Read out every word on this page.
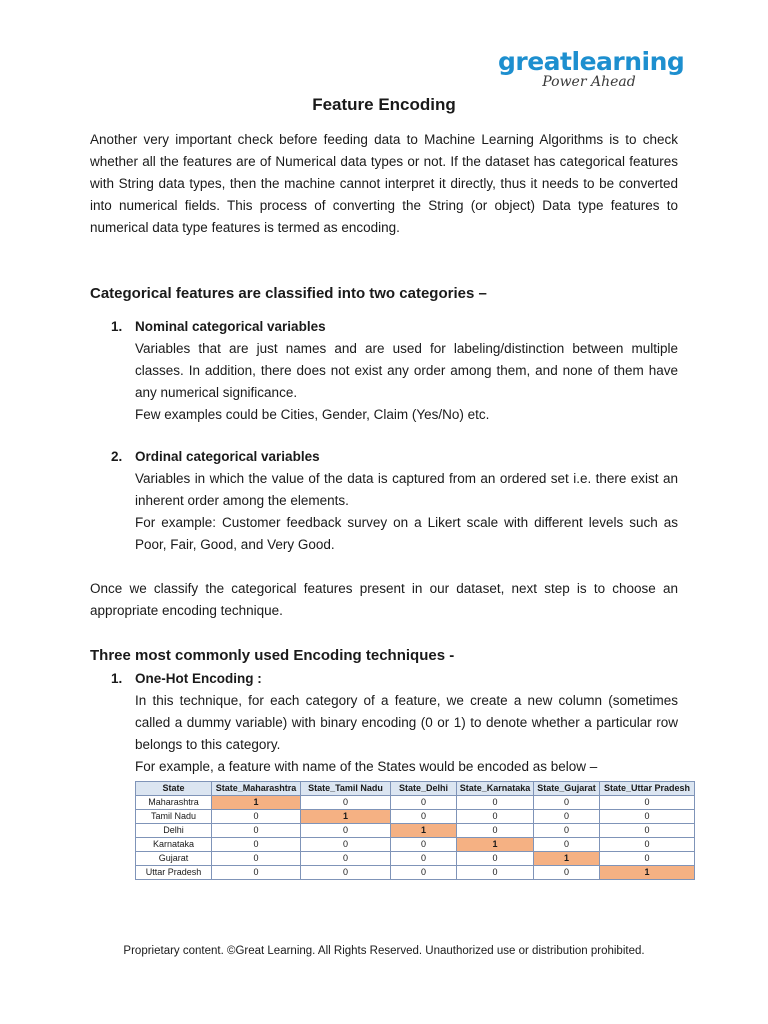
greatlearning
Power Ahead
Feature Encoding

Another very important check before feeding data to Machine Learning Algorithms is to check whether all the features are of Numerical data types or not. If the dataset has categorical features with String data types, then the machine cannot interpret it directly, thus it needs to be converted into numerical fields. This process of converting the String (or object) Data type features to numerical data type features is termed as encoding.

Categorical features are classified into two categories –
1. Nominal categorical variables

Variables that are just names and are used for labeling/distinction between multiple classes. In addition, there does not exist any order among them, and none of them have any numerical significance.

Few examples could be Cities, Gender, Claim (Yes/No) etc.

2. Ordinal categorical variables

Variables in which the value of the data is captured from an ordered set i.e. there exist an inherent order among the elements.

For example: Customer feedback survey on a Likert scale with different levels such as Poor, Fair, Good, and Very Good.

Once we classify the categorical features present in our dataset, next step is to choose an appropriate encoding technique.

Three most commonly used Encoding techniques -
1. One-Hot Encoding :

In this technique, for each category of a feature, we create a new column (sometimes called a dummy variable) with binary encoding (0 or 1) to denote whether a particular row belongs to this category.

For example, a feature with name of the States would be encoded as below –

State	State_Maharashtra	State_Tamil Nadu	State_Delhi	State_Karnataka	State_Gujarat	State_Uttar Pradesh
Maharashtra	1	0	0	0	0	0
Tamil Nadu	0	1	0	0	0	0
Delhi	0	0	1	0	0	0
Karnataka	0	0	0	1	0	0
Gujarat	0	0	0	0	1	0
Uttar Pradesh	0	0	0	0	0	1

Proprietary content. ©Great Learning. All Rights Reserved. Unauthorized use or distribution prohibited.
